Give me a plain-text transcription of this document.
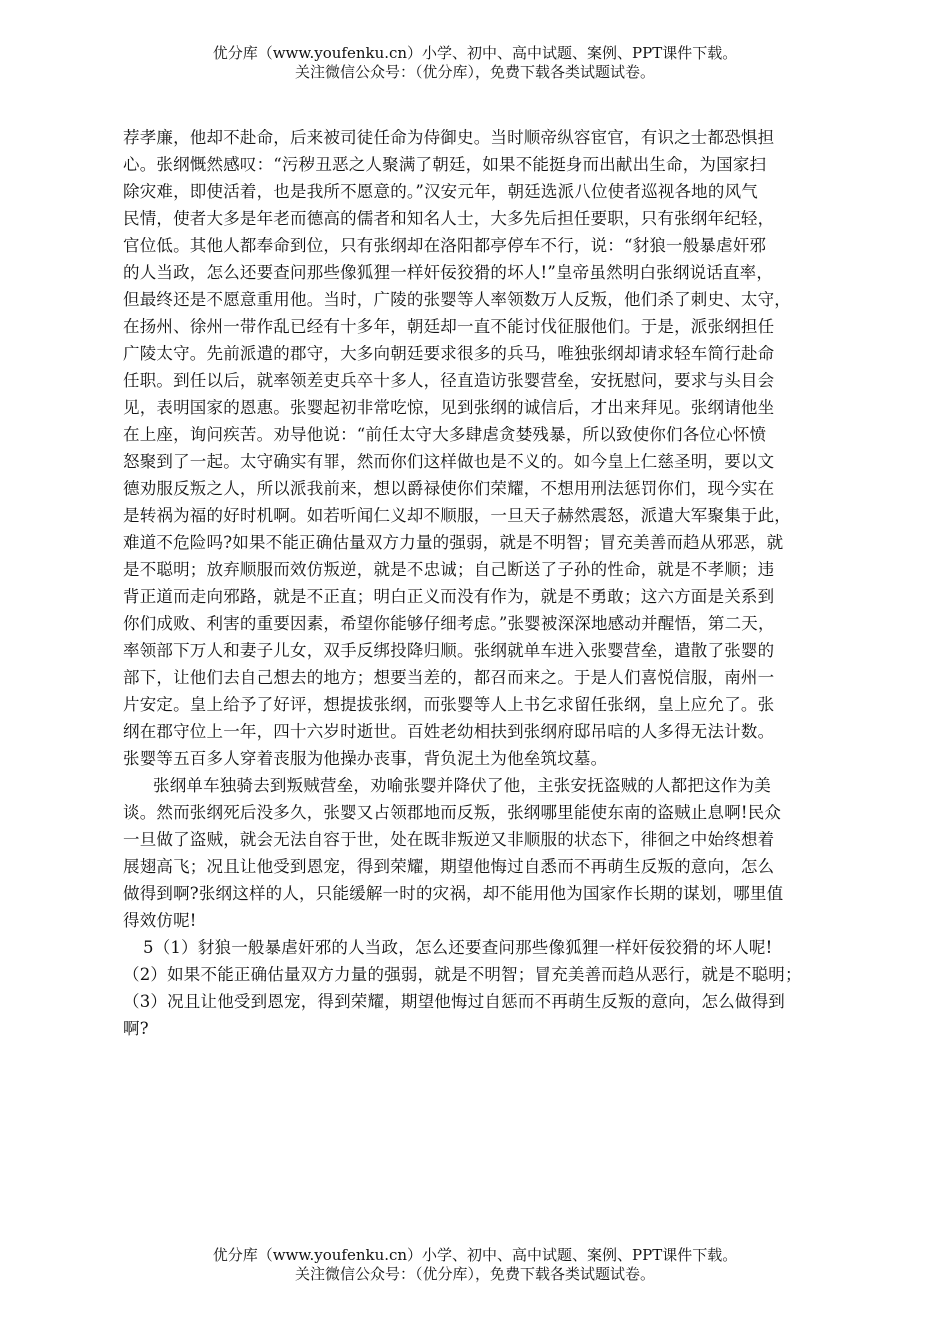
优分库（www.youfenku.cn）小学、初中、高中试题、案例、PPT课件下载。
关注微信公众号：（优分库），免费下载各类试题试卷。
荐孝廉，他却不赴命，后来被司徒任命为侍御史。当时顺帝纵容宦官，有识之士都恐惧担
心。张纲慨然感叹：“污秽丑恶之人聚满了朝廷，如果不能挺身而出献出生命，为国家扫
除灾难，即使活着，也是我所不愿意的。”汉安元年，朝廷选派八位使者巡视各地的风气
民情，使者大多是年老而德高的儒者和知名人士，大多先后担任要职，只有张纲年纪轻，
官位低。其他人都奉命到位，只有张纲却在洛阳都亭停车不行，说：“豺狼一般暴虐奸邪
的人当政，怎么还要查问那些像狐狸一样奸佞狡猾的坏人!”皇帝虽然明白张纲说话直率，
但最终还是不愿意重用他。当时，广陵的张婴等人率领数万人反叛，他们杀了刺史、太守，
在扬州、徐州一带作乱已经有十多年，朝廷却一直不能讨伐征服他们。于是，派张纲担任
广陵太守。先前派遣的郡守，大多向朝廷要求很多的兵马，唯独张纲却请求轻车简行赴命
任职。到任以后，就率领差吏兵卒十多人，径直造访张婴营垒，安抚慰问，要求与头目会
见，表明国家的恩惠。张婴起初非常吃惊，见到张纲的诚信后，才出来拜见。张纲请他坐
在上座，询问疾苦。劝导他说：“前任太守大多肆虐贪婪残暴，所以致使你们各位心怀愤
怒聚到了一起。太守确实有罪，然而你们这样做也是不义的。如今皇上仁慈圣明，要以文
德劝服反叛之人，所以派我前来，想以爵禄使你们荣耀，不想用刑法惩罚你们，现今实在
是转祸为福的好时机啊。如若听闻仁义却不顺服，一旦天子赫然震怒，派遣大军聚集于此，
难道不危险吗?如果不能正确估量双方力量的强弱，就是不明智；冒充美善而趋从邪恶，就
是不聪明；放弃顺服而效仿叛逆，就是不忠诚；自己断送了子孙的性命，就是不孝顺；违
背正道而走向邪路，就是不正直；明白正义而没有作为，就是不勇敢；这六方面是关系到
你们成败、利害的重要因素，希望你能够仔细考虑。”张婴被深深地感动并醒悟，第二天，
率领部下万人和妻子儿女，双手反绑投降归顺。张纲就单车进入张婴营垒，遣散了张婴的
部下，让他们去自己想去的地方；想要当差的，都召而来之。于是人们喜悦信服，南州一
片安定。皇上给予了好评，想提拔张纲，而张婴等人上书乞求留任张纲，皇上应允了。张
纲在郡守位上一年，四十六岁时逝世。百姓老幼相扶到张纲府邸吊唁的人多得无法计数。
张婴等五百多人穿着丧服为他操办丧事，背负泥土为他垒筑坟墓。
张纲单车独骑去到叛贼营垒，劝喻张婴并降伏了他，主张安抚盗贼的人都把这作为美
谈。然而张纲死后没多久，张婴又占领郡地而反叛，张纲哪里能使东南的盗贼止息啊!民众
一旦做了盗贼，就会无法自容于世，处在既非叛逆又非顺服的状态下，徘徊之中始终想着
展翅高飞；况且让他受到恩宠，得到荣耀，期望他悔过自悉而不再萌生反叛的意向，怎么
做得到啊?张纲这样的人，只能缓解一时的灾祸，却不能用他为国家作长期的谋划，哪里值
得效仿呢!
5（1）豺狼一般暴虐奸邪的人当政，怎么还要查问那些像狐狸一样奸佞狡猾的坏人呢!
（2）如果不能正确估量双方力量的强弱，就是不明智；冒充美善而趋从恶行，就是不聪明；
（3）况且让他受到恩宠，得到荣耀，期望他悔过自惩而不再萌生反叛的意向，怎么做得到
啊?
优分库（www.youfenku.cn）小学、初中、高中试题、案例、PPT课件下载。
关注微信公众号：（优分库），免费下载各类试题试卷。
